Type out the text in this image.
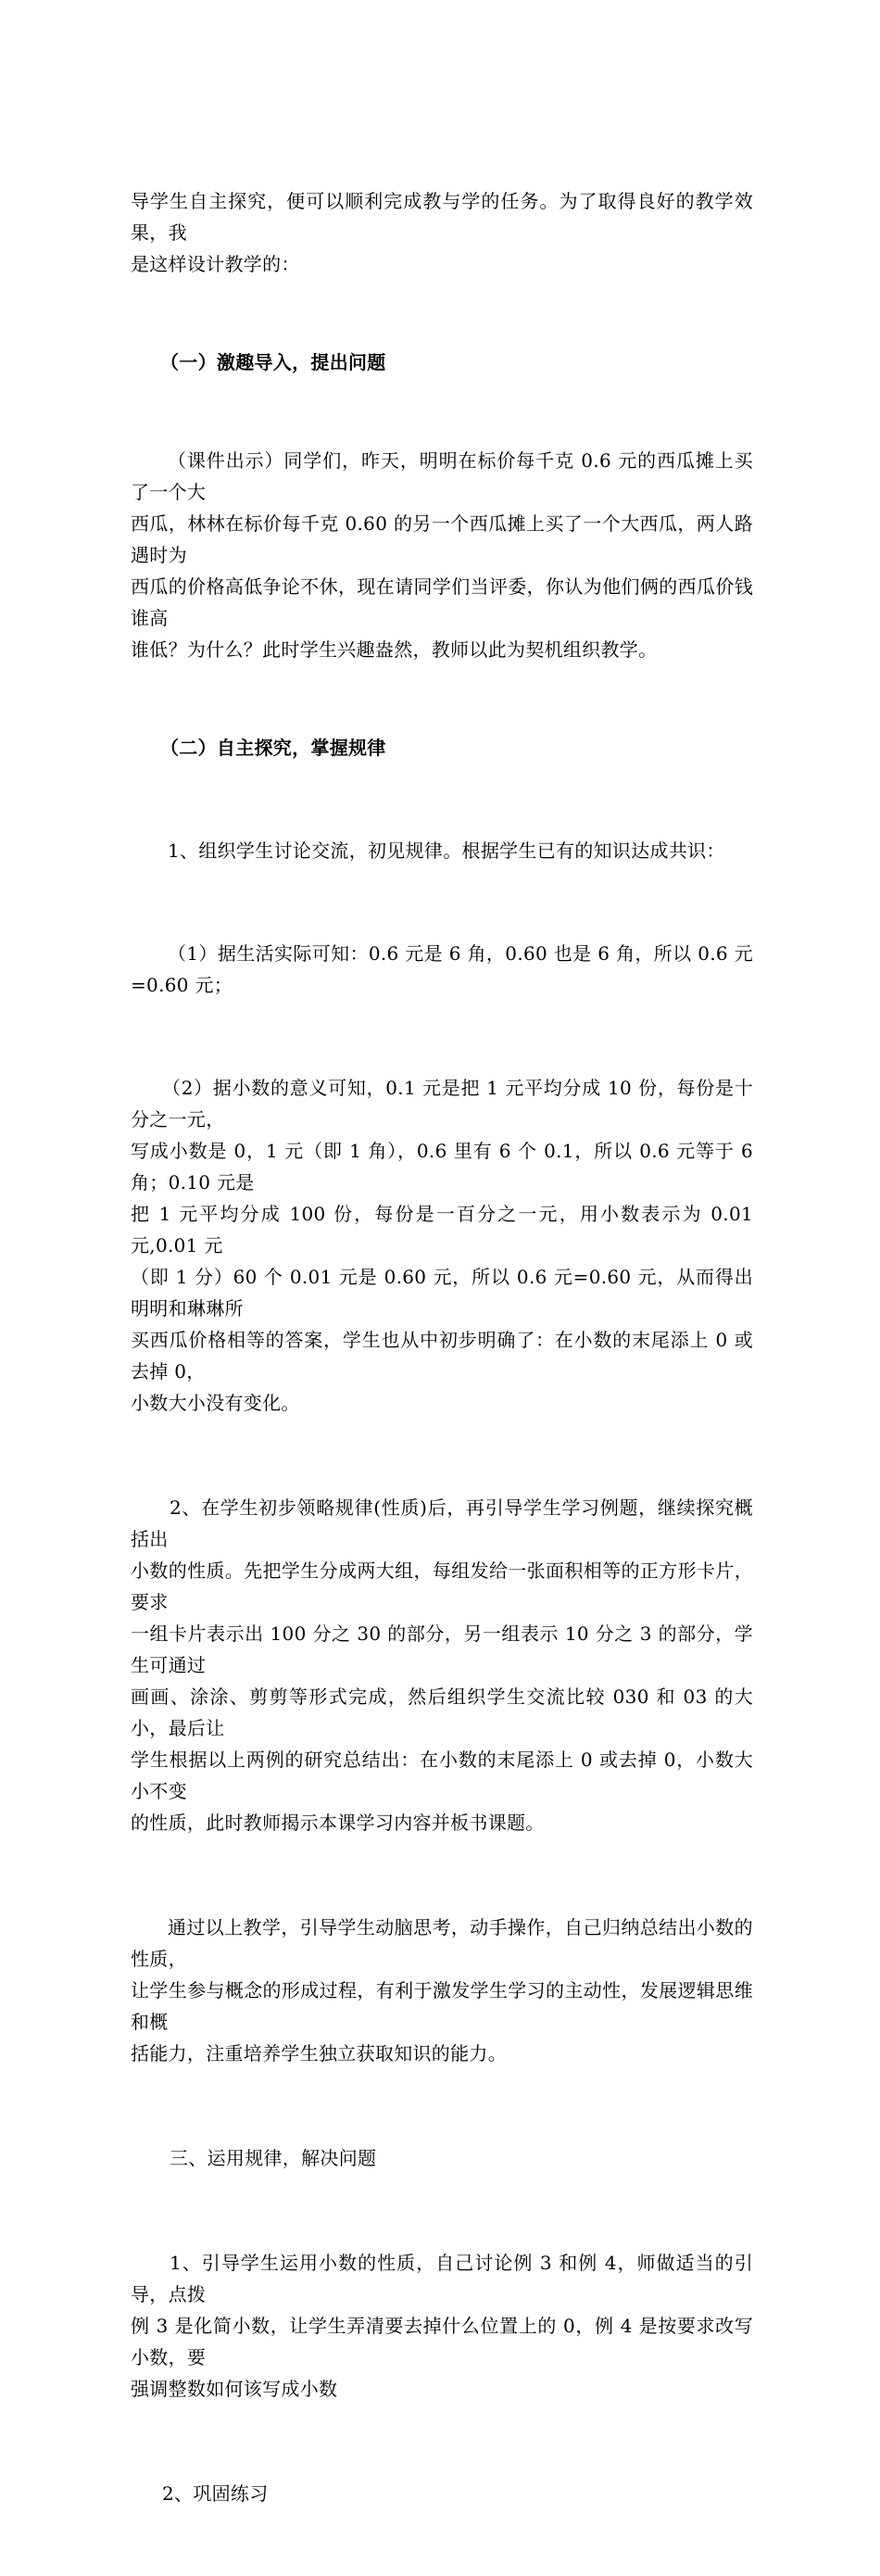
导学生自主探究，便可以顺利完成教与学的任务。为了取得良好的教学效果，我
是这样设计教学的：

（一）激趣导入，提出问题

（课件出示）同学们，昨天，明明在标价每千克 0.6 元的西瓜摊上买了一个大
西瓜，林林在标价每千克 0.60 的另一个西瓜摊上买了一个大西瓜，两人路遇时为
西瓜的价格高低争论不休，现在请同学们当评委，你认为他们俩的西瓜价钱谁高
谁低？为什么？此时学生兴趣盎然，教师以此为契机组织教学。

（二）自主探究，掌握规律

1、组织学生讨论交流，初见规律。根据学生已有的知识达成共识：

（1）据生活实际可知：0.6 元是 6 角，0.60 也是 6 角，所以 0.6 元=0.60 元；

（2）据小数的意义可知，0.1 元是把 1 元平均分成 10 份，每份是十分之一元，
写成小数是 0，1 元（即 1 角），0.6 里有 6 个 0.1，所以 0.6 元等于 6 角；0.10 元是
把 1 元平均分成 100 份，每份是一百分之一元，用小数表示为 0.01 元,0.01 元
（即 1 分）60 个 0.01 元是 0.60 元，所以 0.6 元=0.60 元，从而得出明明和琳琳所
买西瓜价格相等的答案，学生也从中初步明确了：在小数的末尾添上 0 或去掉 0，
小数大小没有变化。

2、在学生初步领略规律(性质)后，再引导学生学习例题，继续探究概括出
小数的性质。先把学生分成两大组，每组发给一张面积相等的正方形卡片，要求
一组卡片表示出 100 分之 30 的部分，另一组表示 10 分之 3 的部分，学生可通过
画画、涂涂、剪剪等形式完成，然后组织学生交流比较 030 和 03 的大小，最后让
学生根据以上两例的研究总结出：在小数的末尾添上 0 或去掉 0，小数大小不变
的性质，此时教师揭示本课学习内容并板书课题。

通过以上教学，引导学生动脑思考，动手操作，自己归纳总结出小数的性质，
让学生参与概念的形成过程，有利于激发学生学习的主动性，发展逻辑思维和概
括能力，注重培养学生独立获取知识的能力。

三、运用规律，解决问题

1、引导学生运用小数的性质，自己讨论例 3 和例 4，师做适当的引导，点拨
例 3 是化简小数，让学生弄清要去掉什么位置上的 0，例 4 是按要求改写小数，要
强调整数如何该写成小数

2、巩固练习
